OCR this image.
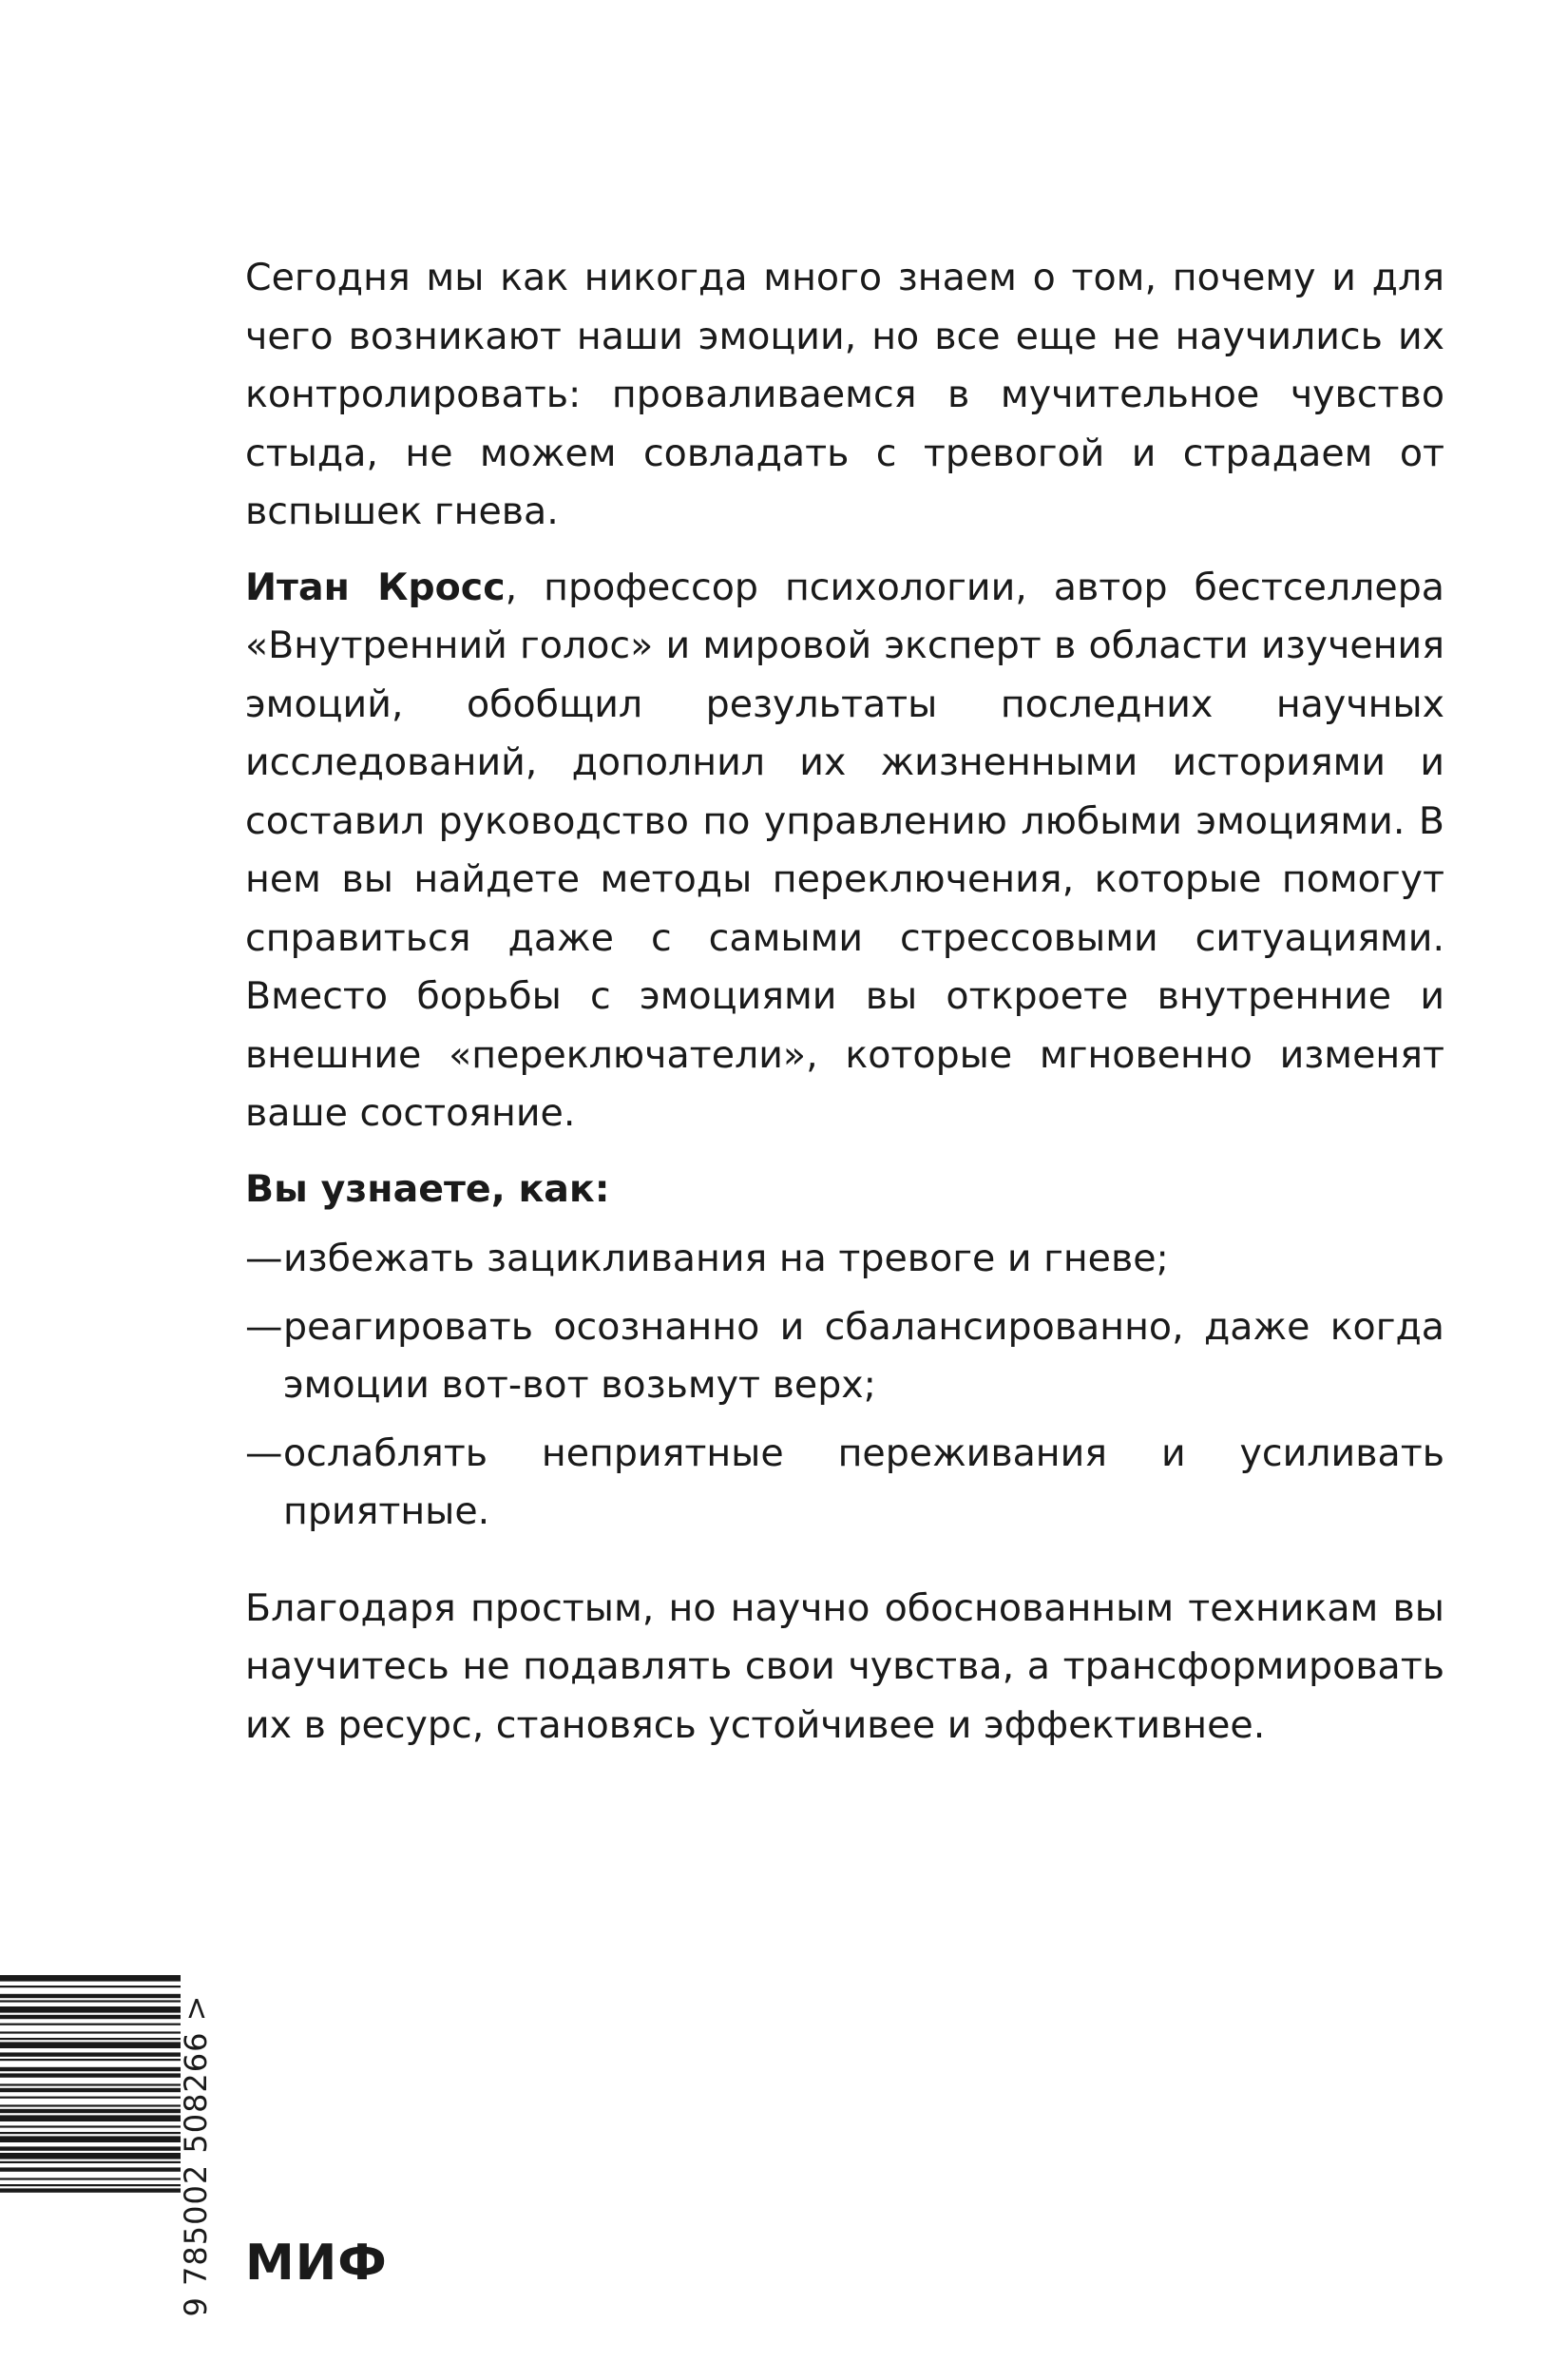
Сегодня мы как никогда много знаем о том, почему и для чего возникают наши эмоции, но все еще не научились их контролировать: проваливаемся в мучительное чувство стыда, не можем совладать с тревогой и страдаем от вспышек гнева.

Итан Кросс, профессор психологии, автор бестселлера «Внутренний голос» и мировой эксперт в области изучения эмоций, обобщил результаты последних научных исследований, дополнил их жизненными историями и составил руководство по управлению любыми эмоциями. В нем вы найдете методы переключения, которые помогут справиться даже с самыми стрессовыми ситуациями. Вместо борьбы с эмоциями вы откроете внутренние и внешние «переключатели», которые мгновенно изменят ваше состояние.

Вы узнаете, как:
— избежать зацикливания на тревоге и гневе;
— реагировать осознанно и сбалансированно, даже когда эмоции вот-вот возьмут верх;
— ослаблять неприятные переживания и усиливать приятные.

Благодаря простым, но научно обоснованным техникам вы научитесь не подавлять свои чувства, а трансформировать их в ресурс, становясь устойчивее и эффективнее.

9 785002 508266 > МИФ
